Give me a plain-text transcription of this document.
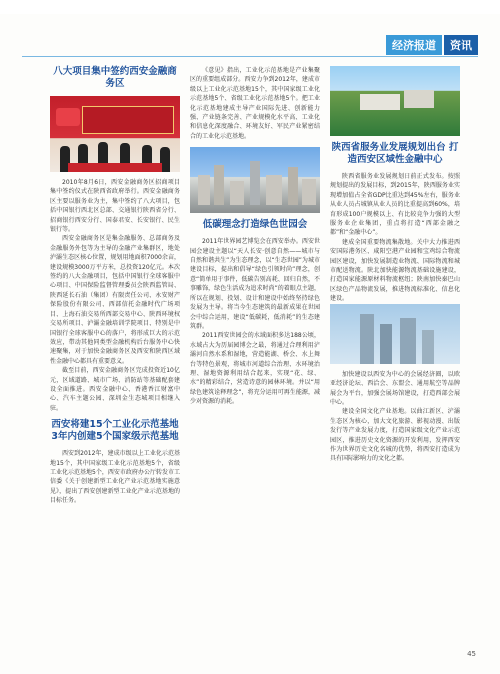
经济报道	资讯
八大项目集中签约西安金融商务区

2010年8月6日，西安金融商务区招商项目集中签约仪式在陕西省政府举行。西安金融商务区主要以服务业为主，集中签约了八大项目，包括中国银行西北区总部、交通银行陕西省分行、招商银行西安分行、国泰君安、长安银行、民生银行等。

西安金融商务区是集金融服务、总部商务及金融服务外包等为主导的金融产业集群区，地处泸灞生态区核心位置，规划用地面积7000余亩，建设规模3000万平方米，总投资120亿元。本次签约的八大金融项目，包括中国银行全球客服中心项目、中国保险监督管理委员会陕西监管局、陕西延长石油（集团）有限责任公司、永安财产保险股份有限公司、西部信托金融时代广场项目、上海石油交易所西部交易中心、陕西环境权交易所项目、泸灞金融培训学院项目、特别是中国银行全球客服中心的落户，将形成巨大的示范效应，带动其他同类型金融机构后台服务中心快速聚集，对于加快金融商务区及西安和陕西区域性金融中心都具有重要意义。

截至目前，西安金融商务区完成投资近10亿元，区域道路、城市广场、消防站等基础配套建设全面推进。西安金融中心、香港香江财富中心、汽车主题公园、深圳金生态城项目相继入驻。

西安将建15个工业化示范基地 3年内创建5个国家级示范基地

西安到2012年，建成市级以上工业化示范基地15个，其中国家级工业化示范基地5个，省级工业化示范基地5个，西安市政府办公厅转发市工信委《关于创建新型工业化产业示范基地实施意见》，提出了西安创建新型工业化产业示范基地的目标任务。

《意见》指出，工业化示范基地是产业集聚区的重要组成部分。西安力争到2012年，建成市级以上工业化示范基地15个，其中国家级工业化示范基地5个、省级工业化示范基地5个。把工业化示范基地建成主导产业国际先进、创新能力强、产业链条完善、产业规模化水平高、工业化和信息化深度融合、环境友好、军民产业紧密结合的工业化示范基地。

低碳理念打造绿色世园会

2011年世界园艺博览会在西安举办。西安世园会建设主题以“天人长安·创意自然——城市与自然和谐共生”为生态理念，以“生态世园”为城市建设目标，提出和倡导“绿色引领时尚”理念，创意“简单用于事件，低碳告别高耗、回归自然，不事雕饰，绿色生活成为追求时尚”的着眼点主题，所以在规划、投划、设计和建设中始终坚持绿色发展为主导。将当今生态建筑的最新成果在世园会中综合运用，建设“低碳耗，低消耗”的生态建筑群。

2011西安世园会的水域面积多达188公顷，水域占大为历届园博会之最，将通过合理利用浐灞河自然水系和湿地，营造能湖、桥会、水上舞台等特色景观，将城市河道综合治理、水环境治理、湿地资源利用结合起来，实现“花、绿、水”的精彩结合，营造诗意的园林环境。并以“用绿色建筑诠释理念”，将充分运用可再生能源，减少对资源的消耗。

陕西省服务业发展规划出台 打造西安区域性金融中心

陕西省服务业发展规划日前正式发布。按照规划提出的发展目标，到2015年，陕西服务业实现增加值占全省GDP比重达到45%左右，服务业从业人员占城镇从业人员的比重提高到60%，培育形成100户规模以上、有比较竞争力强的大型服务业企业集团，重点将打造“西部金融之都”和“金融中心”。

建成全国重要物流集散地。关中大力推进西安国际港务区、咸阳空港产业园和宝鸡综合物流园区建设，加快发展制造业物流、国际物流和城市配送物流。陕北加快能源物流基础设施建设，打造国家能源原材料物流枢纽；陕南加快秦巴山区绿色产品物流发展，推进物流标准化、信息化建设。

加快建设以西安为中心的会展经济圈，以欧亚经济论坛、西洽会、东盟会、通用航空等品牌展会为平台，加强会展场馆建设，打造西部会展中心。

建设全国文化产业基地。以曲江新区、浐灞生态区为核心，加大文化旅游、影视动漫、出版发行等产业发展力度，打造国家级文化产业示范园区，推进历史文化资源的开发利用，发挥西安作为世界历史文化名城的优势，将西安打造成为具有国际影响力的文化之都。

45
